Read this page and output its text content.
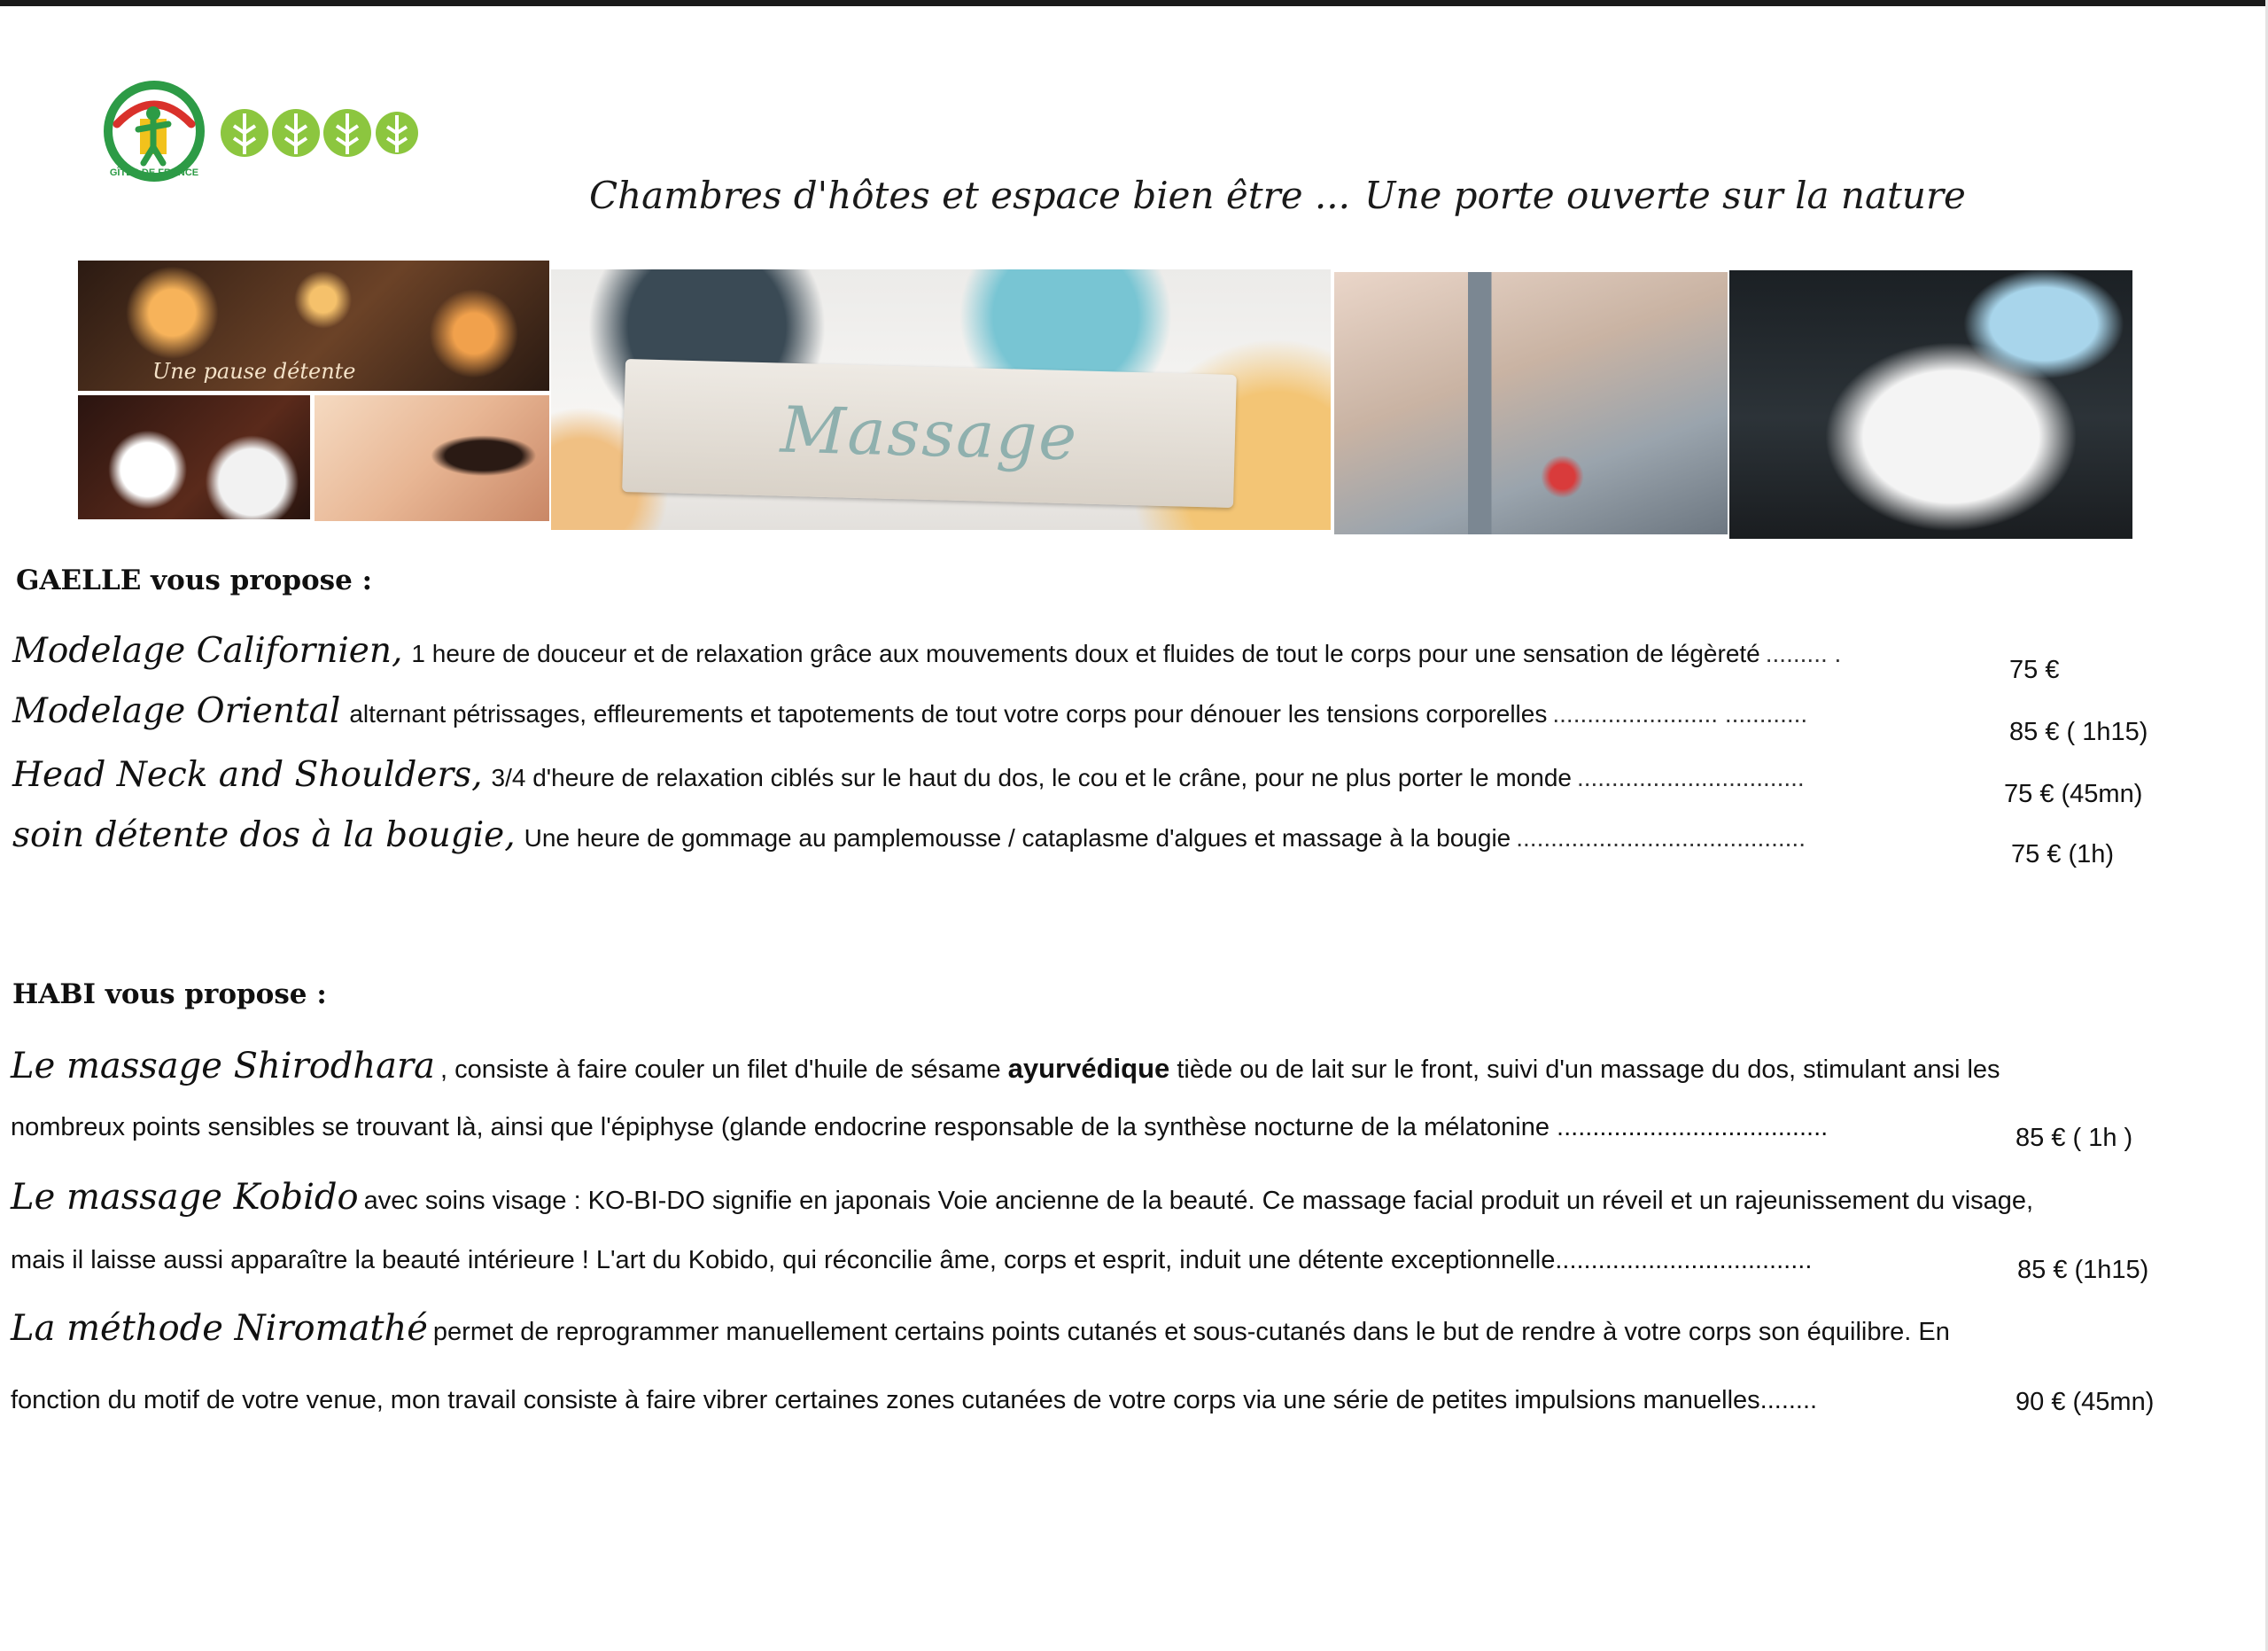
GÎTES DE FRANCE
Chambres d'hôtes et espace bien être ... Une porte ouverte sur la nature
Une pause détente
Massage
GAELLE vous propose :
Modelage Californien, 1 heure de douceur et de relaxation grâce aux mouvements doux et fluides de tout le corps pour une sensation de légèreté ......... .
75 €
Modelage Oriental alternant pétrissages, effleurements et tapotements de tout votre corps pour dénouer les tensions corporelles ........................ ............
85 € ( 1h15)
Head Neck and Shoulders, 3/4 d'heure de relaxation ciblés sur le haut du dos, le cou et le crâne, pour ne plus porter le monde .................................
75 € (45mn)
soin détente dos à la bougie, Une heure de gommage au pamplemousse / cataplasme d'algues et massage à la bougie ..........................................
75 € (1h)
HABI vous propose :
Le massage Shirodhara , consiste à faire couler un filet d'huile de sésame ayurvédique tiède ou de lait sur le front, suivi d'un massage du dos, stimulant ansi les
nombreux points sensibles se trouvant là, ainsi que l'épiphyse (glande endocrine responsable de la synthèse nocturne de la mélatonine ......................................	85 € ( 1h )
Le massage Kobido avec soins visage : KO-BI-DO signifie en japonais Voie ancienne de la beauté. Ce massage facial produit un réveil et un rajeunissement du visage,
mais il laisse aussi apparaître la beauté intérieure ! L'art du Kobido, qui réconcilie âme, corps et esprit, induit une détente exceptionnelle....................................	85 € (1h15)
La méthode Niromathé permet de reprogrammer manuellement certains points cutanés et sous-cutanés dans le but de rendre à votre corps son équilibre. En
fonction du motif de votre venue, mon travail consiste à faire vibrer certaines zones cutanées de votre corps via une série de petites impulsions manuelles........	90 € (45mn)
